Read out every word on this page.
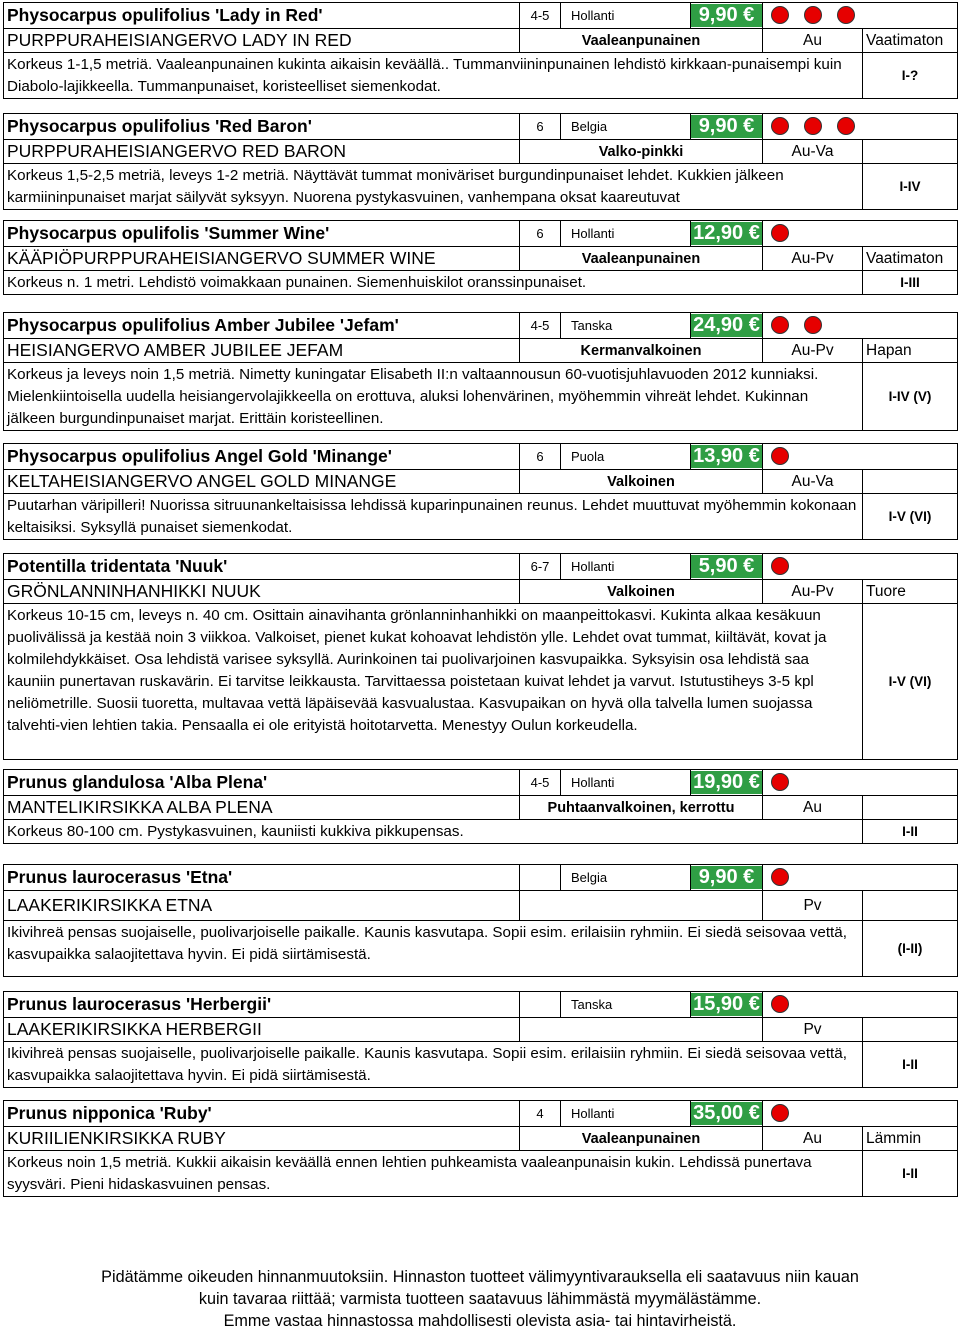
Physocarpus opulifolius 'Lady in Red'	4-5	Hollanti	9,90 €		

PURPPURAHEISIANGERVO LADY IN RED	Vaaleanpunainen			Au	Vaatimaton
Korkeus 1-1,5 metriä. Vaaleanpunainen kukinta aikaisin keväällä.. Tummanviininpunainen lehdistö kirkkaan-punaisempi kuin Diabolo-lajikkeella. Tummanpunaiset, koristeelliset siemenkodat.					I-?
Physocarpus opulifolius 'Red Baron'	6	Belgia	9,90 €		

PURPPURAHEISIANGERVO RED BARON	Valko-pinkki			Au-Va	
Korkeus 1,5-2,5 metriä, leveys 1-2 metriä. Näyttävät tummat moniväriset burgundinpunaiset lehdet. Kukkien jälkeen karmiininpunaiset marjat säilyvät syksyyn. Nuorena pystykasvuinen, vanhempana oksat kaareutuvat					I-IV
Physocarpus opulifolis 'Summer Wine'	6	Hollanti	12,90 €		

KÄÄPIÖPURPPURAHEISIANGERVO SUMMER WINE	Vaaleanpunainen			Au-Pv	Vaatimaton
Korkeus n. 1 metri. Lehdistö voimakkaan punainen. Siemenhuiskilot oranssinpunaiset.					I-III
Physocarpus opulifolius Amber Jubilee 'Jefam'	4-5	Tanska	24,90 €		

HEISIANGERVO AMBER JUBILEE JEFAM	Kermanvalkoinen			Au-Pv	Hapan
Korkeus ja leveys noin 1,5 metriä. Nimetty kuningatar Elisabeth II:n valtaannousun 60-vuotisjuhlavuoden 2012 kunniaksi. Mielenkiintoisella uudella heisiangervolajikkeella on erottuva, aluksi lohenvärinen, myöhemmin vihreät lehdet. Kukinnan jälkeen burgundinpunaiset marjat. Erittäin koristeellinen.					I-IV (V)
Physocarpus opulifolius Angel Gold 'Minange'	6	Puola	13,90 €		

KELTAHEISIANGERVO ANGEL GOLD MINANGE	Valkoinen			Au-Va	
Puutarhan väripilleri! Nuorissa sitruunankeltaisissa lehdissä kuparinpunainen reunus. Lehdet muuttuvat myöhemmin kokonaan keltaisiksi. Syksyllä punaiset siemenkodat.					I-V (VI)
Potentilla tridentata 'Nuuk'	6-7	Hollanti	5,90 €		

GRÖNLANNINHANHIKKI NUUK	Valkoinen			Au-Pv	Tuore
Korkeus 10-15 cm, leveys n. 40 cm. Osittain ainavihanta grönlanninhanhikki on maanpeittokasvi. Kukinta alkaa kesäkuun puolivälissä ja kestää noin 3 viikkoa. Valkoiset, pienet kukat kohoavat lehdistön ylle. Lehdet ovat tummat, kiiltävät, kovat ja kolmilehdykkäiset. Osa lehdistä varisee syksyllä. Aurinkoinen tai puolivarjoinen kasvupaikka. Syksyisin osa lehdistä saa kauniin punertavan ruskavärin. Ei tarvitse leikkausta. Tarvittaessa poistetaan kuivat lehdet ja varvut. Istutustiheys 3-5 kpl neliömetrille. Suosii tuoretta, multavaa vettä läpäisevää kasvualustaa. Kasvupaikan on hyvä olla talvella lumen suojassa talvehti-vien lehtien takia. Pensaalla ei ole erityistä hoitotarvetta. Menestyy Oulun korkeudella.					I-V (VI)
Prunus glandulosa 'Alba Plena'	4-5	Hollanti	19,90 €		

MANTELIKIRSIKKA ALBA PLENA	Puhtaanvalkoinen, kerrottu			Au	
Korkeus 80-100 cm. Pystykasvuinen, kauniisti kukkiva pikkupensas.					I-II
Prunus laurocerasus 'Etna'		Belgia	9,90 €		

LAAKERIKIRSIKKA ETNA				Pv	
Ikivihreä pensas suojaiselle, puolivarjoiselle paikalle. Kaunis kasvutapa. Sopii esim. erilaisiin ryhmiin. Ei siedä seisovaa vettä, kasvupaikka salaojitettava hyvin. Ei pidä siirtämisestä.					(I-II)
Prunus laurocerasus 'Herbergii'		Tanska	15,90 €		

LAAKERIKIRSIKKA HERBERGII				Pv	
Ikivihreä pensas suojaiselle, puolivarjoiselle paikalle. Kaunis kasvutapa. Sopii esim. erilaisiin ryhmiin. Ei siedä seisovaa vettä, kasvupaikka salaojitettava hyvin. Ei pidä siirtämisestä.					I-II
Prunus nipponica 'Ruby'	4	Hollanti	35,00 €		

KURIILIENKIRSIKKA RUBY	Vaaleanpunainen			Au	Lämmin
Korkeus noin 1,5 metriä. Kukkii aikaisin keväällä ennen lehtien puhkeamista vaaleanpunaisin kukin. Lehdissä punertava syysväri. Pieni hidaskasvuinen pensas.					I-II
Pidätämme oikeuden hinnanmuutoksiin. Hinnaston tuotteet välimyyntivarauksella eli saatavuus niin kauan
kuin tavaraa riittää; varmista tuotteen saatavuus lähimmästä myymälästämme.
Emme vastaa hinnastossa mahdollisesti olevista asia- tai hintavirheistä.
